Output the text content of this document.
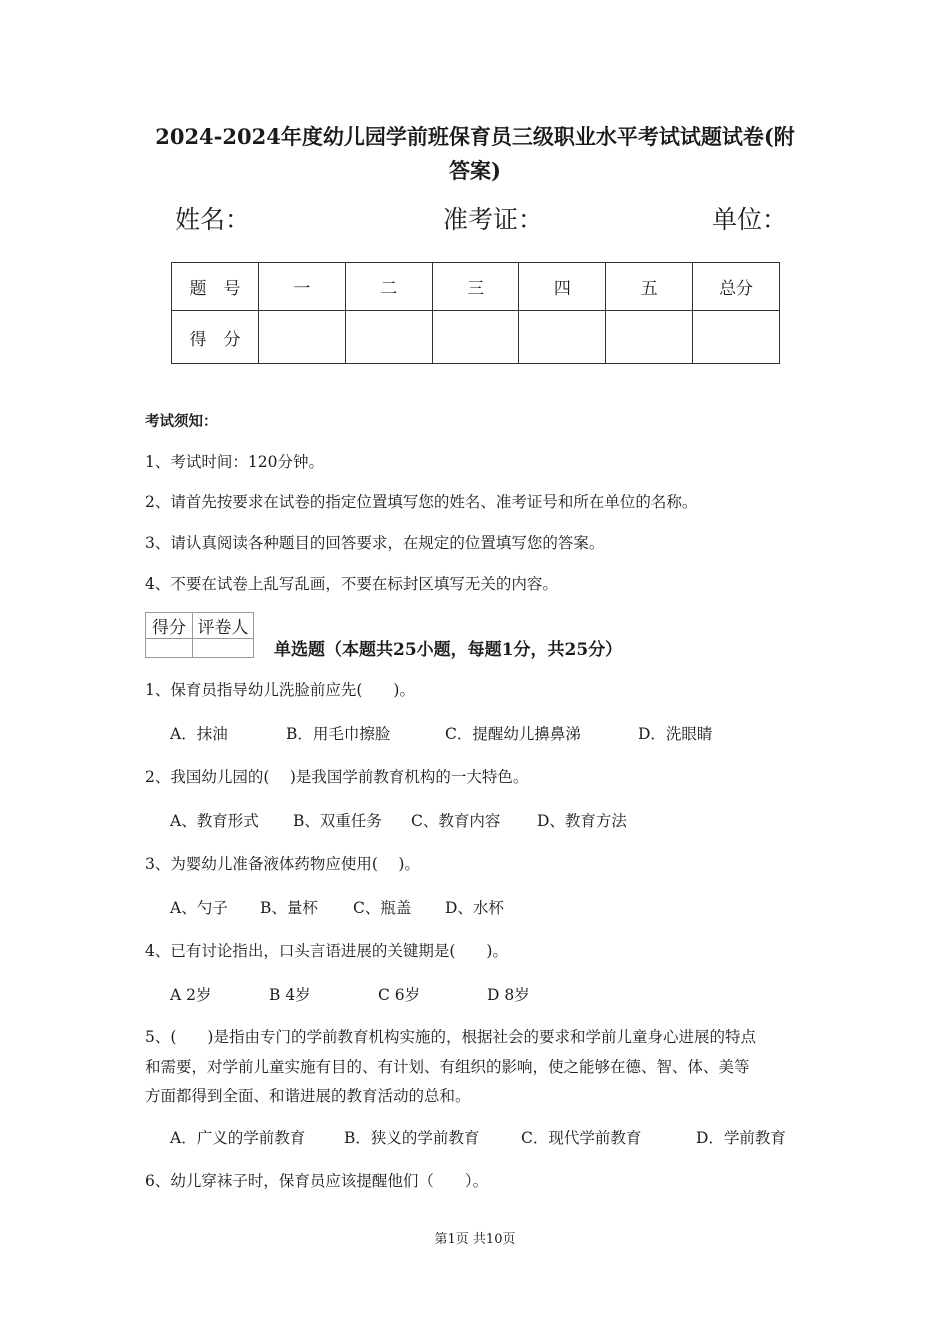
2024-2024年度幼儿园学前班保育员三级职业水平考试试题试卷(附
答案)
姓名：	准考证：	单位：
题　号	一	二	三	四	五	总分
得　分						
考试须知：
1、考试时间：120分钟。
2、请首先按要求在试卷的指定位置填写您的姓名、准考证号和所在单位的名称。
3、请认真阅读各种题目的回答要求，在规定的位置填写您的答案。
4、不要在试卷上乱写乱画，不要在标封区填写无关的内容。
得分	评卷人

单选题（本题共25小题，每题1分，共25分）
1、保育员指导幼儿洗脸前应先(　　)。
A．抹油	B．用毛巾擦脸	C．提醒幼儿擤鼻涕	D．洗眼睛
2、我国幼儿园的(　 )是我国学前教育机构的一大特色。
A、教育形式 B、双重任务 C、教育内容 D、教育方法
3、为婴幼儿准备液体药物应使用(　 )。
A、勺子 B、量杯 C、瓶盖 D、水杯
4、已有讨论指出，口头言语进展的关键期是(　　)。
A 2岁	B 4岁	C 6岁	D 8岁
5、(　　)是指由专门的学前教育机构实施的，根据社会的要求和学前儿童身心进展的特点
和需要，对学前儿童实施有目的、有计划、有组织的影响，使之能够在德、智、体、美等
方面都得到全面、和谐进展的教育活动的总和。
A．广义的学前教育	B．狭义的学前教育	C．现代学前教育	D．学前教育
6、幼儿穿袜子时，保育员应该提醒他们（　　）。
第1页 共10页
